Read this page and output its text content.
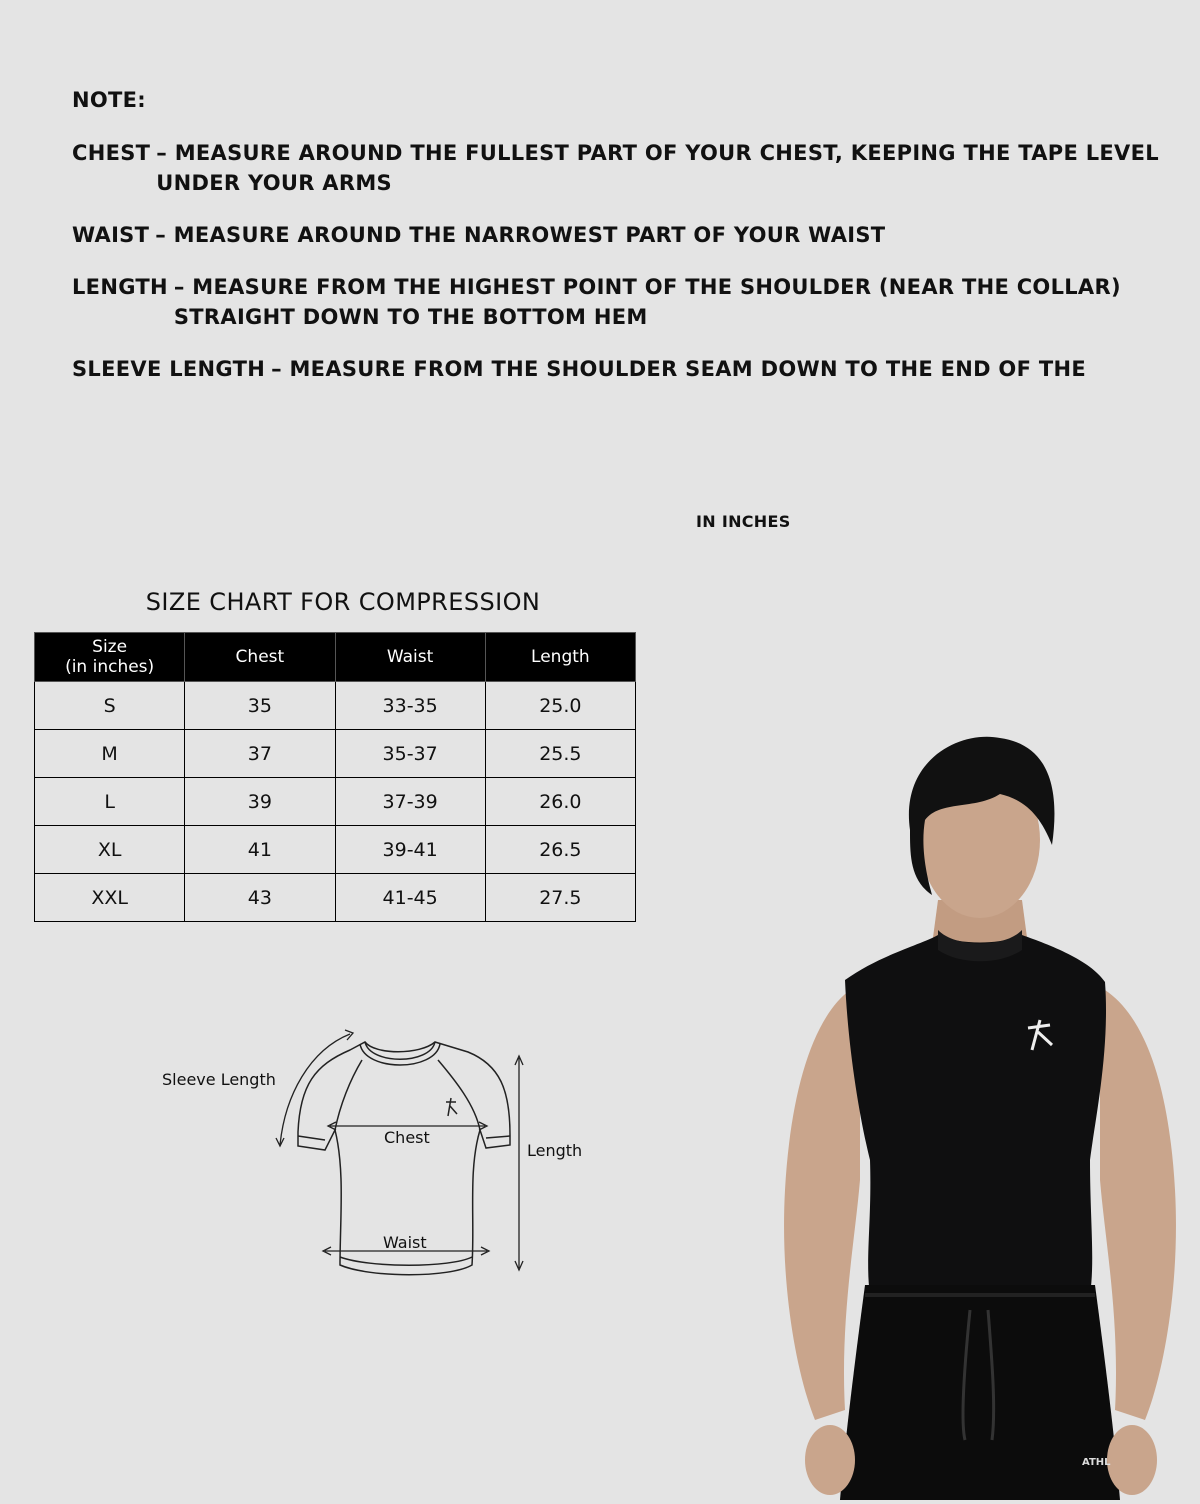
NOTE:
CHEST – MEASURE AROUND THE FULLEST PART OF YOUR CHEST, KEEPING THE TAPE LEVEL UNDER YOUR ARMS
WAIST – MEASURE AROUND THE NARROWEST PART OF YOUR WAIST
LENGTH – MEASURE FROM THE HIGHEST POINT OF THE SHOULDER (NEAR THE COLLAR) STRAIGHT DOWN TO THE BOTTOM HEM
SLEEVE LENGTH – MEASURE FROM THE SHOULDER SEAM DOWN TO THE END OF THE
IN INCHES
SIZE CHART FOR COMPRESSION
Size
(in inches)	Chest	Waist	Length
S	35	33-35	25.0
M	37	35-37	25.5
L	39	37-39	26.0
XL	41	39-41	26.5
XXL	43	41-45	27.5
Sleeve Length
Chest
Waist
Length
ATHL
